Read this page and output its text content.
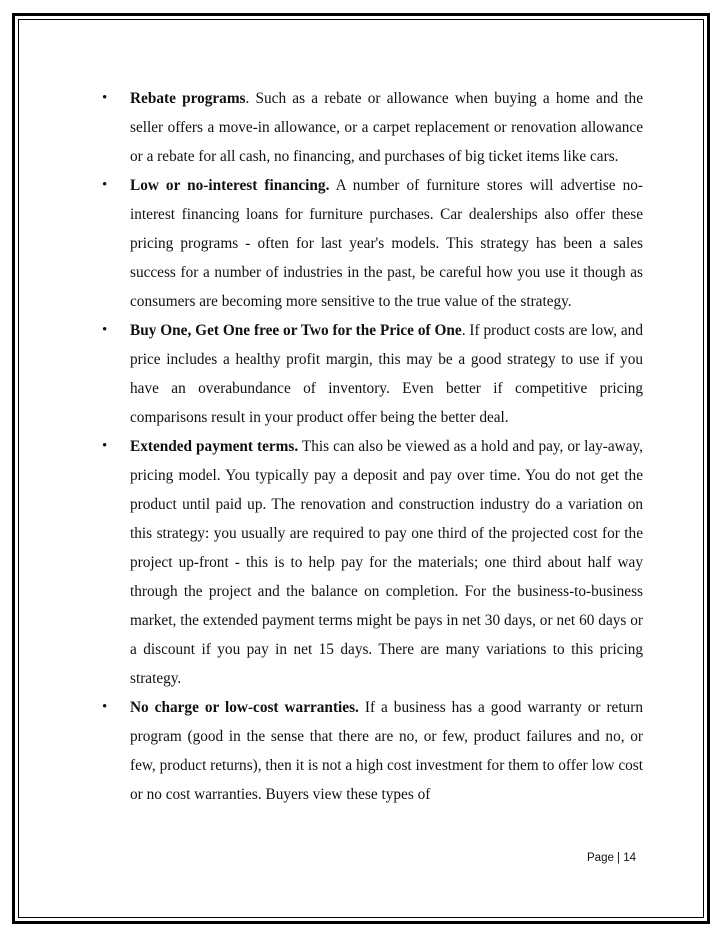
• Rebate programs. Such as a rebate or allowance when buying a home and the seller offers a move-in allowance, or a carpet replacement or renovation allowance or a rebate for all cash, no financing, and purchases of big ticket items like cars.
• Low or no-interest financing. A number of furniture stores will advertise no-interest financing loans for furniture purchases. Car dealerships also offer these pricing programs - often for last year's models. This strategy has been a sales success for a number of industries in the past, be careful how you use it though as consumers are becoming more sensitive to the true value of the strategy.
• Buy One, Get One free or Two for the Price of One. If product costs are low, and price includes a healthy profit margin, this may be a good strategy to use if you have an overabundance of inventory. Even better if competitive pricing comparisons result in your product offer being the better deal.
• Extended payment terms. This can also be viewed as a hold and pay, or lay-away, pricing model. You typically pay a deposit and pay over time. You do not get the product until paid up. The renovation and construction industry do a variation on this strategy: you usually are required to pay one third of the projected cost for the project up-front - this is to help pay for the materials; one third about half way through the project and the balance on completion. For the business-to-business market, the extended payment terms might be pays in net 30 days, or net 60 days or a discount if you pay in net 15 days. There are many variations to this pricing strategy.
• No charge or low-cost warranties. If a business has a good warranty or return program (good in the sense that there are no, or few, product failures and no, or few, product returns), then it is not a high cost investment for them to offer low cost or no cost warranties. Buyers view these types of
Page | 14
